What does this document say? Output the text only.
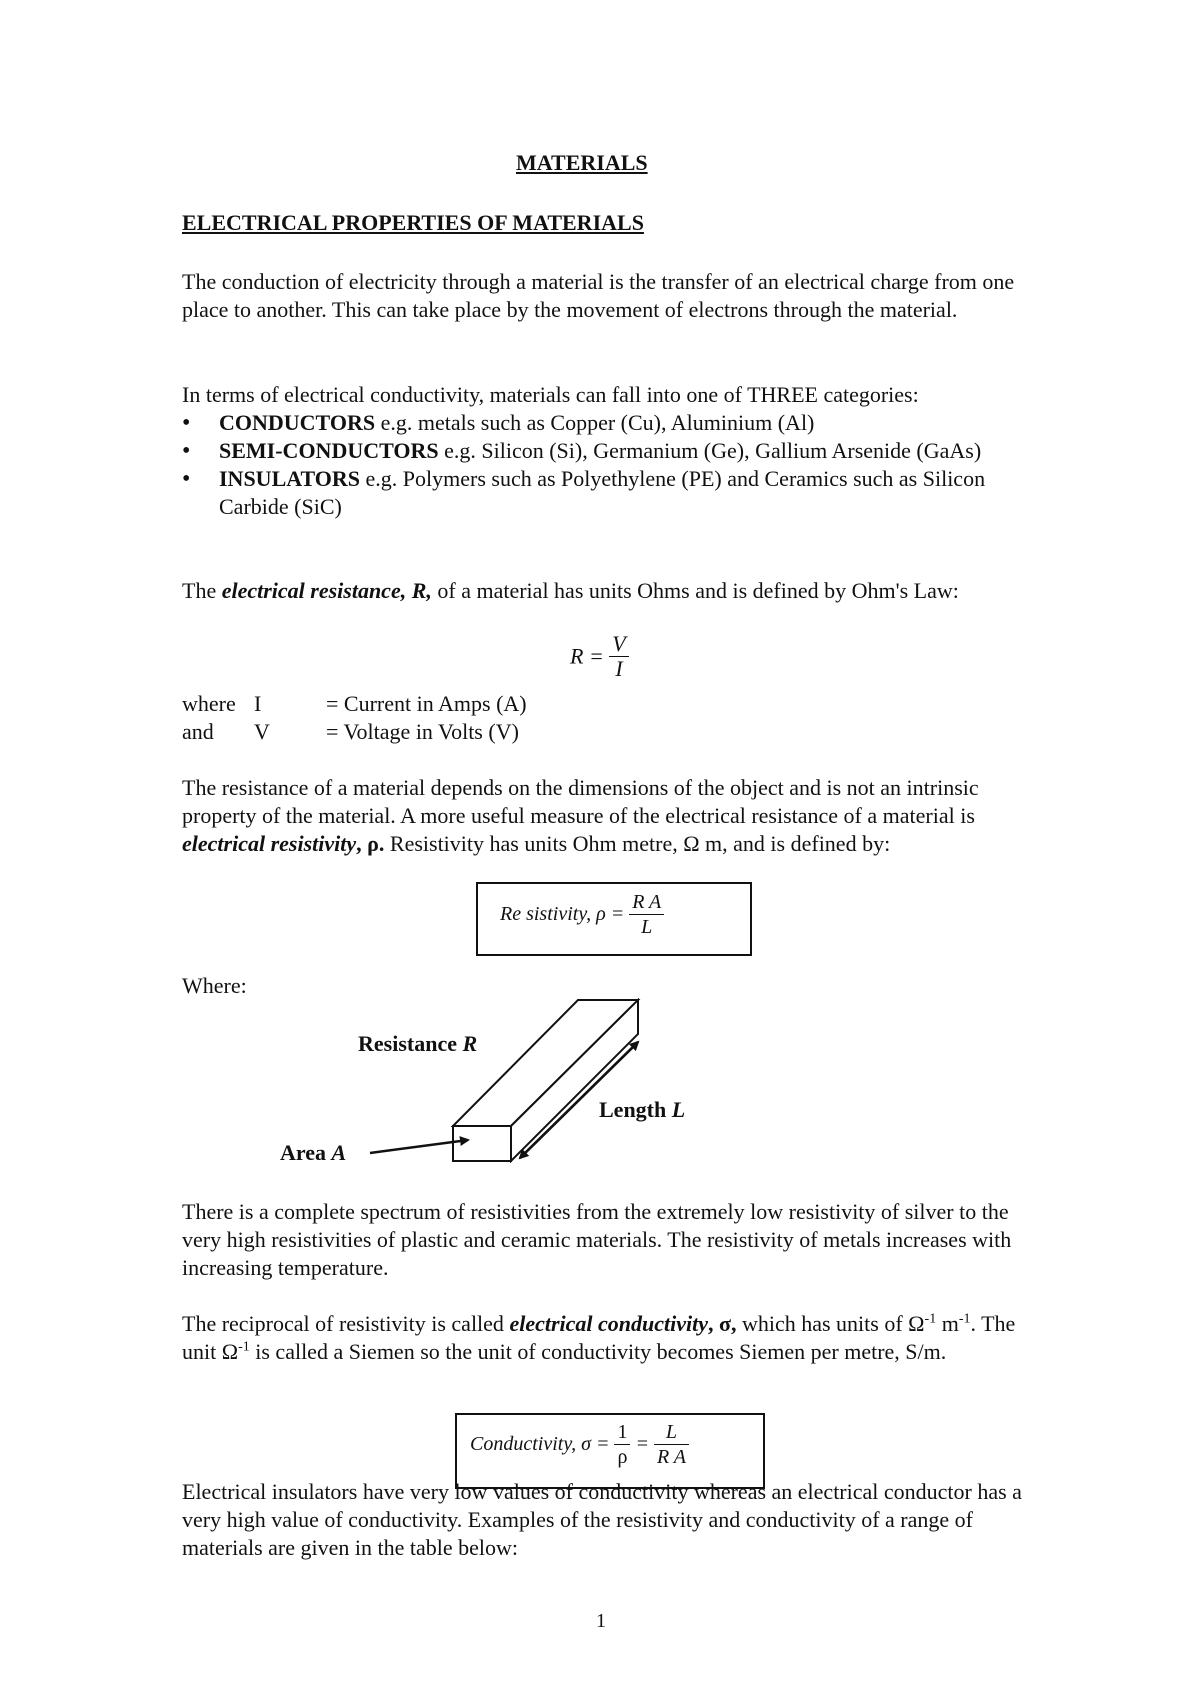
MATERIALS
ELECTRICAL PROPERTIES OF MATERIALS
The conduction of electricity through a material is the transfer of an electrical charge from one place to another. This can take place by the movement of electrons through the material.
In terms of electrical conductivity, materials can fall into one of THREE categories:
• CONDUCTORS e.g. metals such as Copper (Cu), Aluminium (Al)
• SEMI-CONDUCTORS e.g. Silicon (Si), Germanium (Ge), Gallium Arsenide (GaAs)
• INSULATORS e.g. Polymers such as Polyethylene (PE) and Ceramics such as Silicon Carbide (SiC)
The electrical resistance, R, of a material has units Ohms and is defined by Ohm's Law:
$R = \frac{V}{I}$
where I	= Current in Amps (A)
and V	= Voltage in Volts (V)
The resistance of a material depends on the dimensions of the object and is not an intrinsic property of the material. A more useful measure of the electrical resistance of a material is electrical resistivity, ρ. Resistivity has units Ohm metre, Ω m, and is defined by:
Re sistivity, $\rho = \frac{\text{R A}}{L}$
Where:
Resistance R
Length L
Area A
There is a complete spectrum of resistivities from the extremely low resistivity of silver to the very high resistivities of plastic and ceramic materials. The resistivity of metals increases with increasing temperature.
The reciprocal of resistivity is called electrical conductivity, σ, which has units of $\Omega^{-1}$ $m^{-1}$. The unit $\Omega^{-1}$ is called a Siemen so the unit of conductivity becomes Siemen per metre, S/m.
Conductivity, $\sigma = \frac{1}{\rho} = \frac{L}{\text{R A}}$
Electrical insulators have very low values of conductivity whereas an electrical conductor has a very high value of conductivity. Examples of the resistivity and conductivity of a range of materials are given in the table below:
1
